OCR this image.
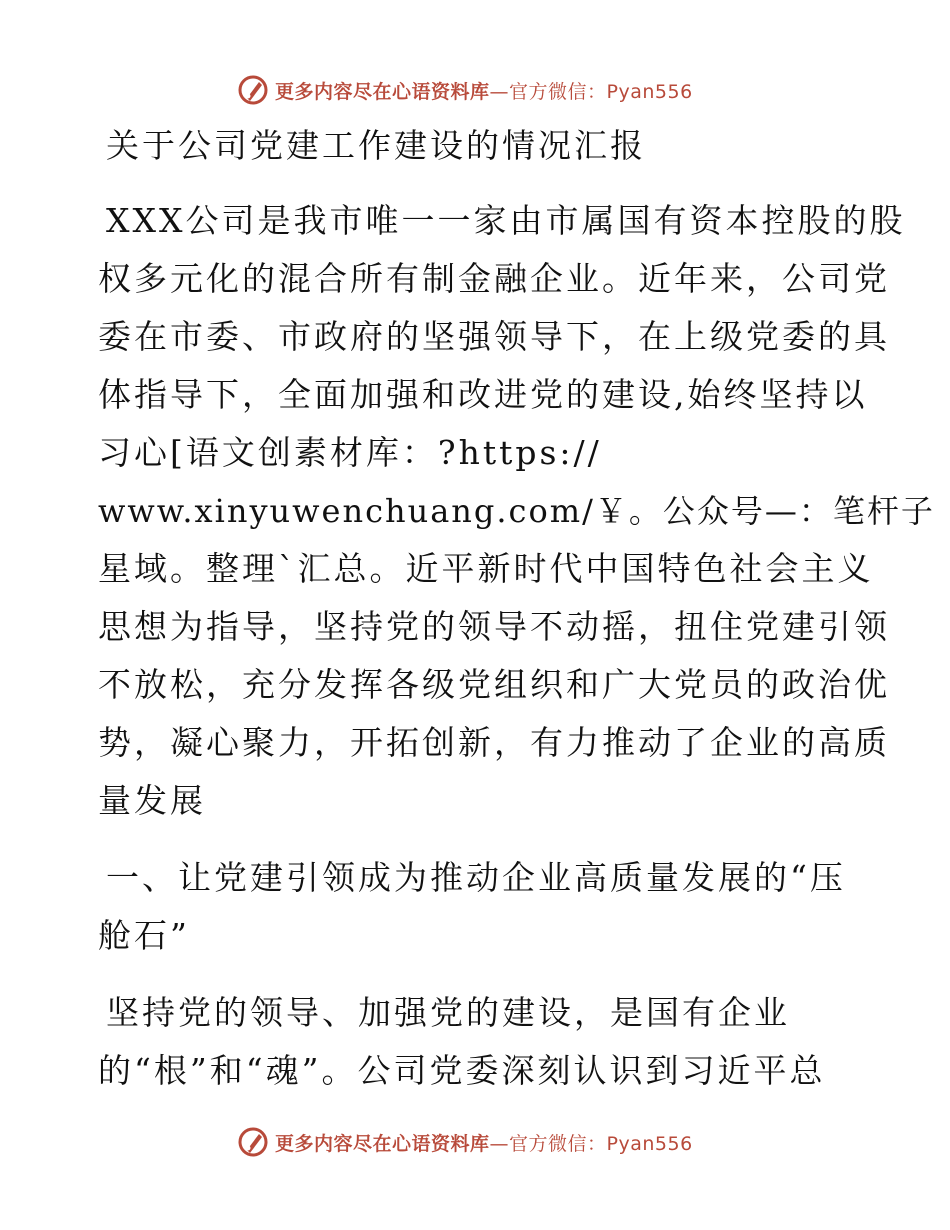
更多内容尽在心语资料库—官方微信：Pyan556
关于公司党建工作建设的情况汇报
XXX公司是我市唯一一家由市属国有资本控股的股
权多元化的混合所有制金融企业。近年来，公司党
委在市委、市政府的坚强领导下，在上级党委的具
体指导下，全面加强和改进党的建设,始终坚持以
习心[语文创素材库：?https://
www.xinyuwenchuang.com/￥。公众号—：笔杆子
星域。整理`汇总。近平新时代中国特色社会主义
思想为指导，坚持党的领导不动摇，扭住党建引领
不放松，充分发挥各级党组织和广大党员的政治优
势，凝心聚力，开拓创新，有力推动了企业的高质
量发展
一、让党建引领成为推动企业高质量发展的“压
舱石”
坚持党的领导、加强党的建设，是国有企业
的“根”和“魂”。公司党委深刻认识到习近平总
更多内容尽在心语资料库—官方微信：Pyan556
